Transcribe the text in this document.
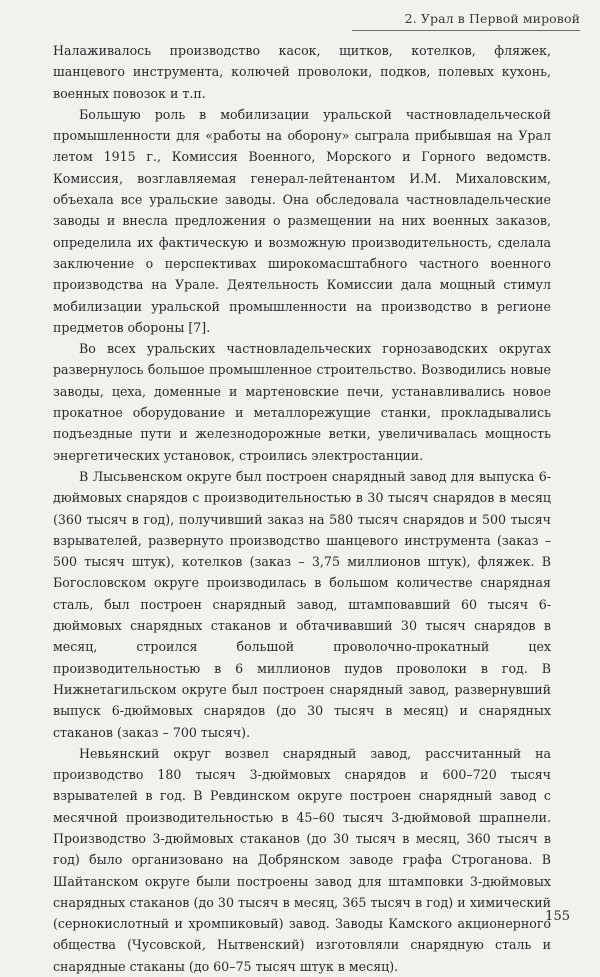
2. Урал в Первой мировой

Налаживалось производство касок, щитков, котелков, фляжек, шанцевого инструмента, колючей проволоки, подков, полевых кухонь, военных повозок и т.п.

Большую роль в мобилизации уральской частновладельческой промышленности для «работы на оборону» сыграла прибывшая на Урал летом 1915 г., Комиссия Военного, Морского и Горного ведомств. Комиссия, возглавляемая генерал-лейтенантом И.М. Михаловским, объехала все уральские заводы. Она обследовала частновладельческие заводы и внесла предложения о размещении на них военных заказов, определила их фактическую и возможную производительность, сделала заключение о перспективах широкомасштабного частного военного производства на Урале. Деятельность Комиссии дала мощный стимул мобилизации уральской промышленности на производство в регионе предметов обороны [7].

Во всех уральских частновладельческих горнозаводских округах развернулось большое промышленное строительство. Возводились новые заводы, цеха, доменные и мартеновские печи, устанавливались новое прокатное оборудование и металлорежущие станки, прокладывались подъездные пути и железнодорожные ветки, увеличивалась мощность энергетических установок, строились электростанции.

В Лысьвенском округе был построен снарядный завод для выпуска 6-дюймовых снарядов с производительностью в 30 тысяч снарядов в месяц (360 тысяч в год), получивший заказ на 580 тысяч снарядов и 500 тысяч взрывателей, развернуто производство шанцевого инструмента (заказ – 500 тысяч штук), котелков (заказ – 3,75 миллионов штук), фляжек. В Богословском округе производилась в большом количестве снарядная сталь, был построен снарядный завод, штамповавший 60 тысяч 6-дюймовых снарядных стаканов и обтачивавший 30 тысяч снарядов в месяц, строился большой проволочно-прокатный цех производительностью в 6 миллионов пудов проволоки в год. В Нижнетагильском округе был построен снарядный завод, развернувший выпуск 6-дюймовых снарядов (до 30 тысяч в месяц) и снарядных стаканов (заказ – 700 тысяч).

Невьянский округ возвел снарядный завод, рассчитанный на производство 180 тысяч 3-дюймовых снарядов и 600–720 тысяч взрывателей в год. В Ревдинском округе построен снарядный завод с месячной производительностью в 45–60 тысяч 3-дюймовой шрапнели. Производство 3-дюймовых стаканов (до 30 тысяч в месяц, 360 тысяч в год) было организовано на Добрянском заводе графа Строганова. В Шайтанском округе были построены завод для штамповки 3-дюймовых снарядных стаканов (до 30 тысяч в месяц, 365 тысяч в год) и химический (сернокислотный и хромпиковый) завод. Заводы Камского акционерного общества (Чусовской, Нытвенский) изготовляли снарядную сталь и снарядные стаканы (до 60–75 тысяч штук в месяц).

155
